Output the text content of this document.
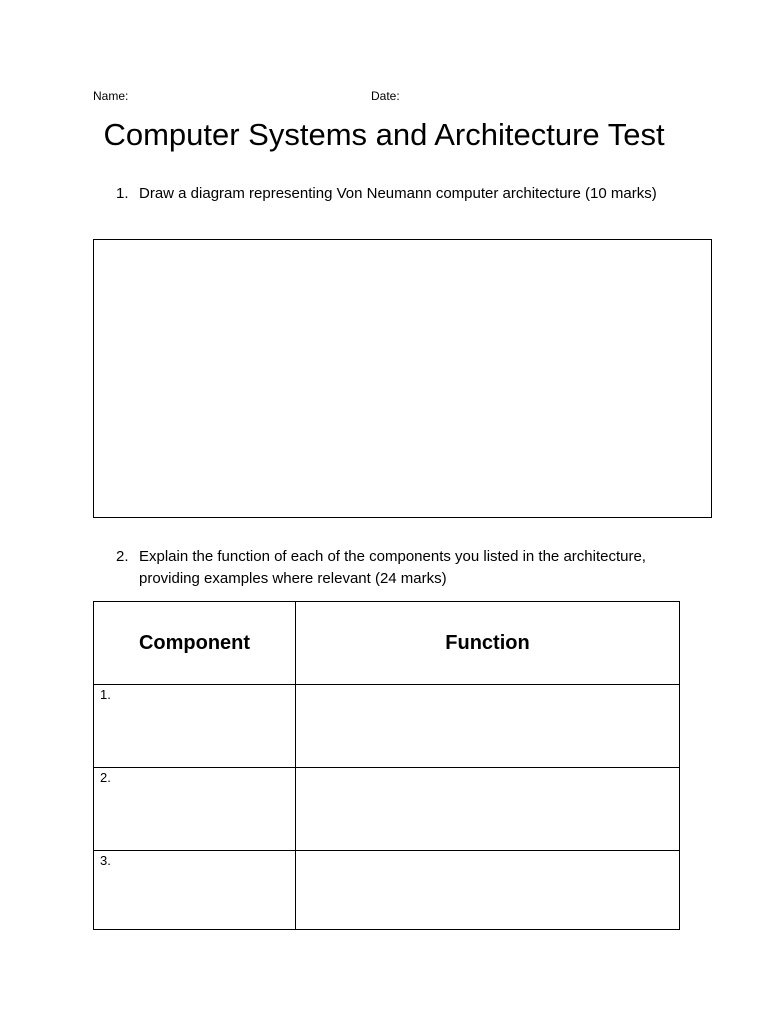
Name:	Date:
Computer Systems and Architecture Test
1. Draw a diagram representing Von Neumann computer architecture (10 marks)
2. Explain the function of each of the components you listed in the architecture, providing examples where relevant (24 marks)
Component	Function

1.	

2.	

3.	
